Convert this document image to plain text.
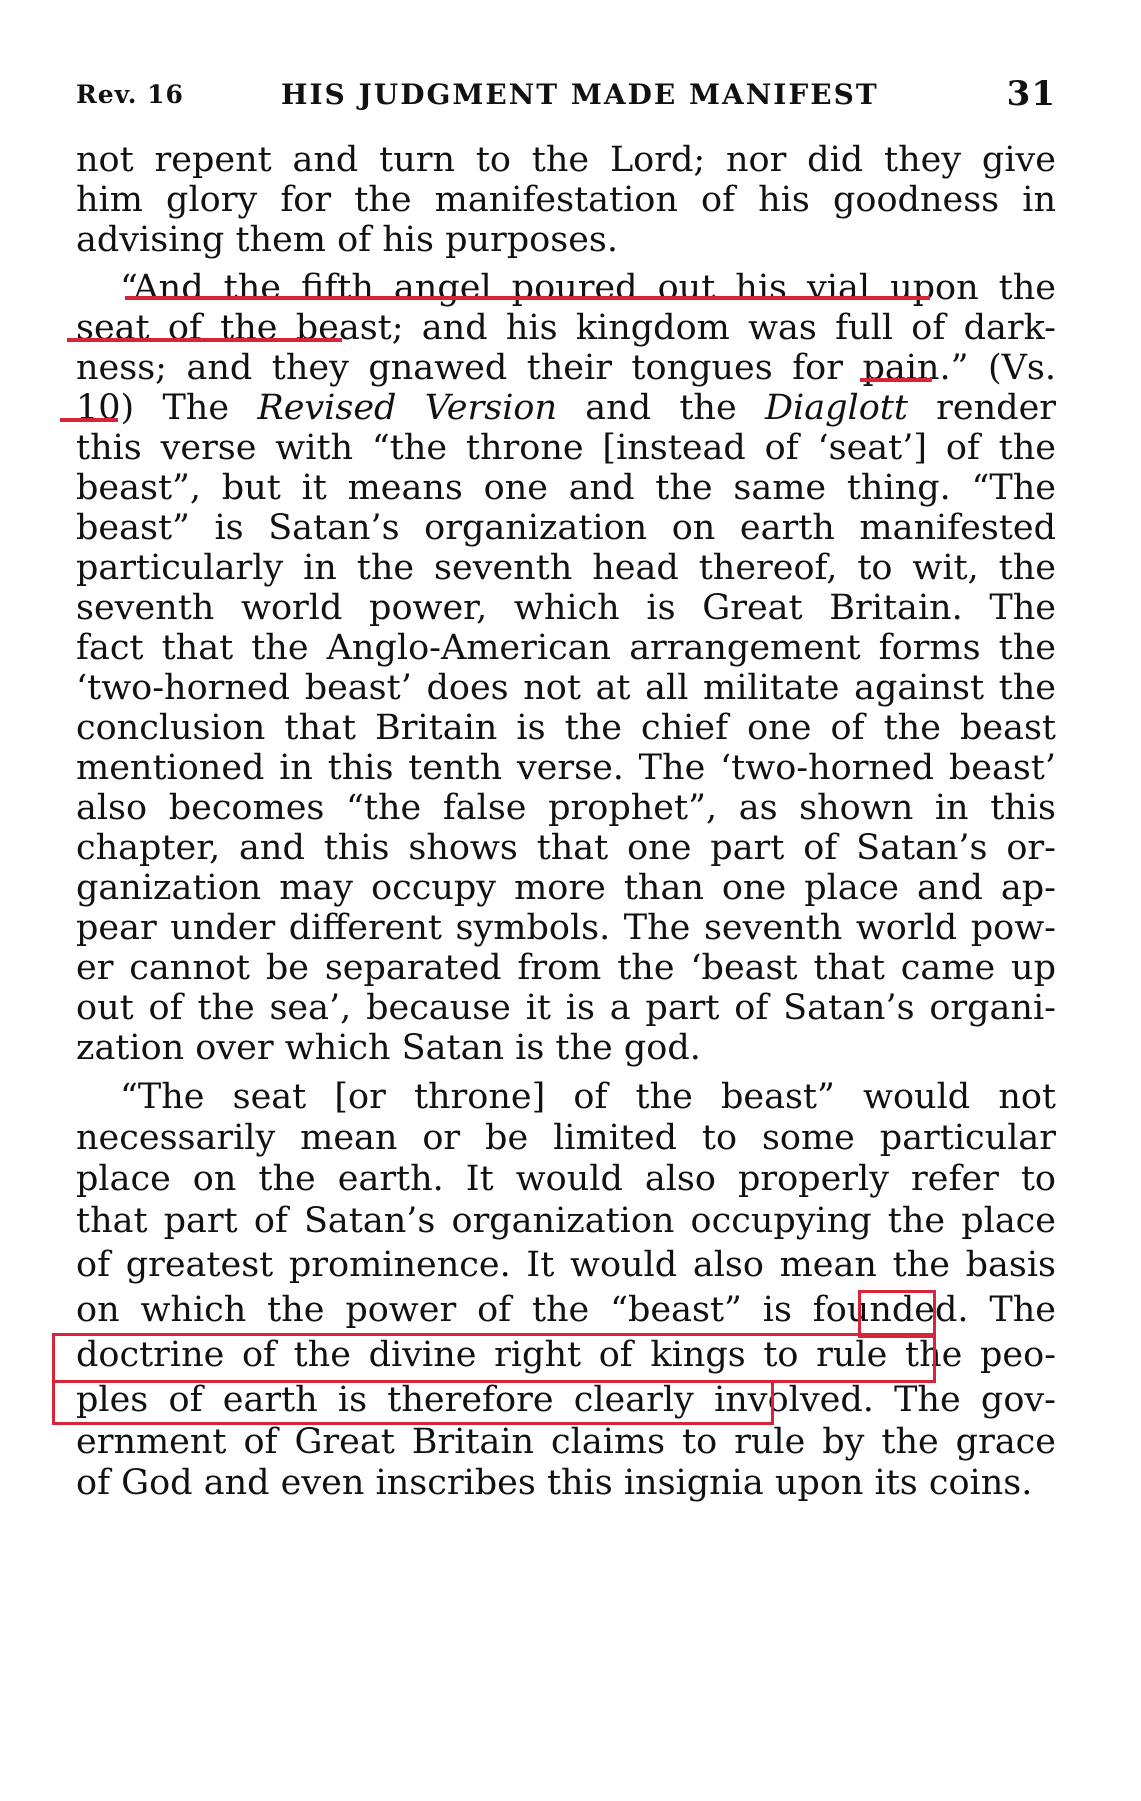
Rev. 16	HIS JUDGMENT MADE MANIFEST	31
not repent and turn to the Lord; nor did they give
him glory for the manifestation of his goodness in
advising them of his purposes.
“And the fifth angel poured out his vial upon the
seat of the beast; and his kingdom was full of dark-
ness; and they gnawed their tongues for pain.” (Vs.
10) The Revised Version and the Diaglott render
this verse with “the throne [instead of ‘seat’] of the
beast”, but it means one and the same thing. “The
beast” is Satan’s organization on earth manifested
particularly in the seventh head thereof, to wit, the
seventh world power, which is Great Britain. The
fact that the Anglo-American arrangement forms the
‘two-horned beast’ does not at all militate against the
conclusion that Britain is the chief one of the beast
mentioned in this tenth verse. The ‘two-horned beast’
also becomes “the false prophet”, as shown in this
chapter, and this shows that one part of Satan’s or-
ganization may occupy more than one place and ap-
pear under different symbols. The seventh world pow-
er cannot be separated from the ‘beast that came up
out of the sea’, because it is a part of Satan’s organi-
zation over which Satan is the god.
“The seat [or throne] of the beast” would not
necessarily mean or be limited to some particular
place on the earth. It would also properly refer to
that part of Satan’s organization occupying the place
of greatest prominence. It would also mean the basis
on which the power of the “beast” is founded. The
doctrine of the divine right of kings to rule the peo-
ples of earth is therefore clearly involved. The gov-
ernment of Great Britain claims to rule by the grace
of God and even inscribes this insignia upon its coins.
